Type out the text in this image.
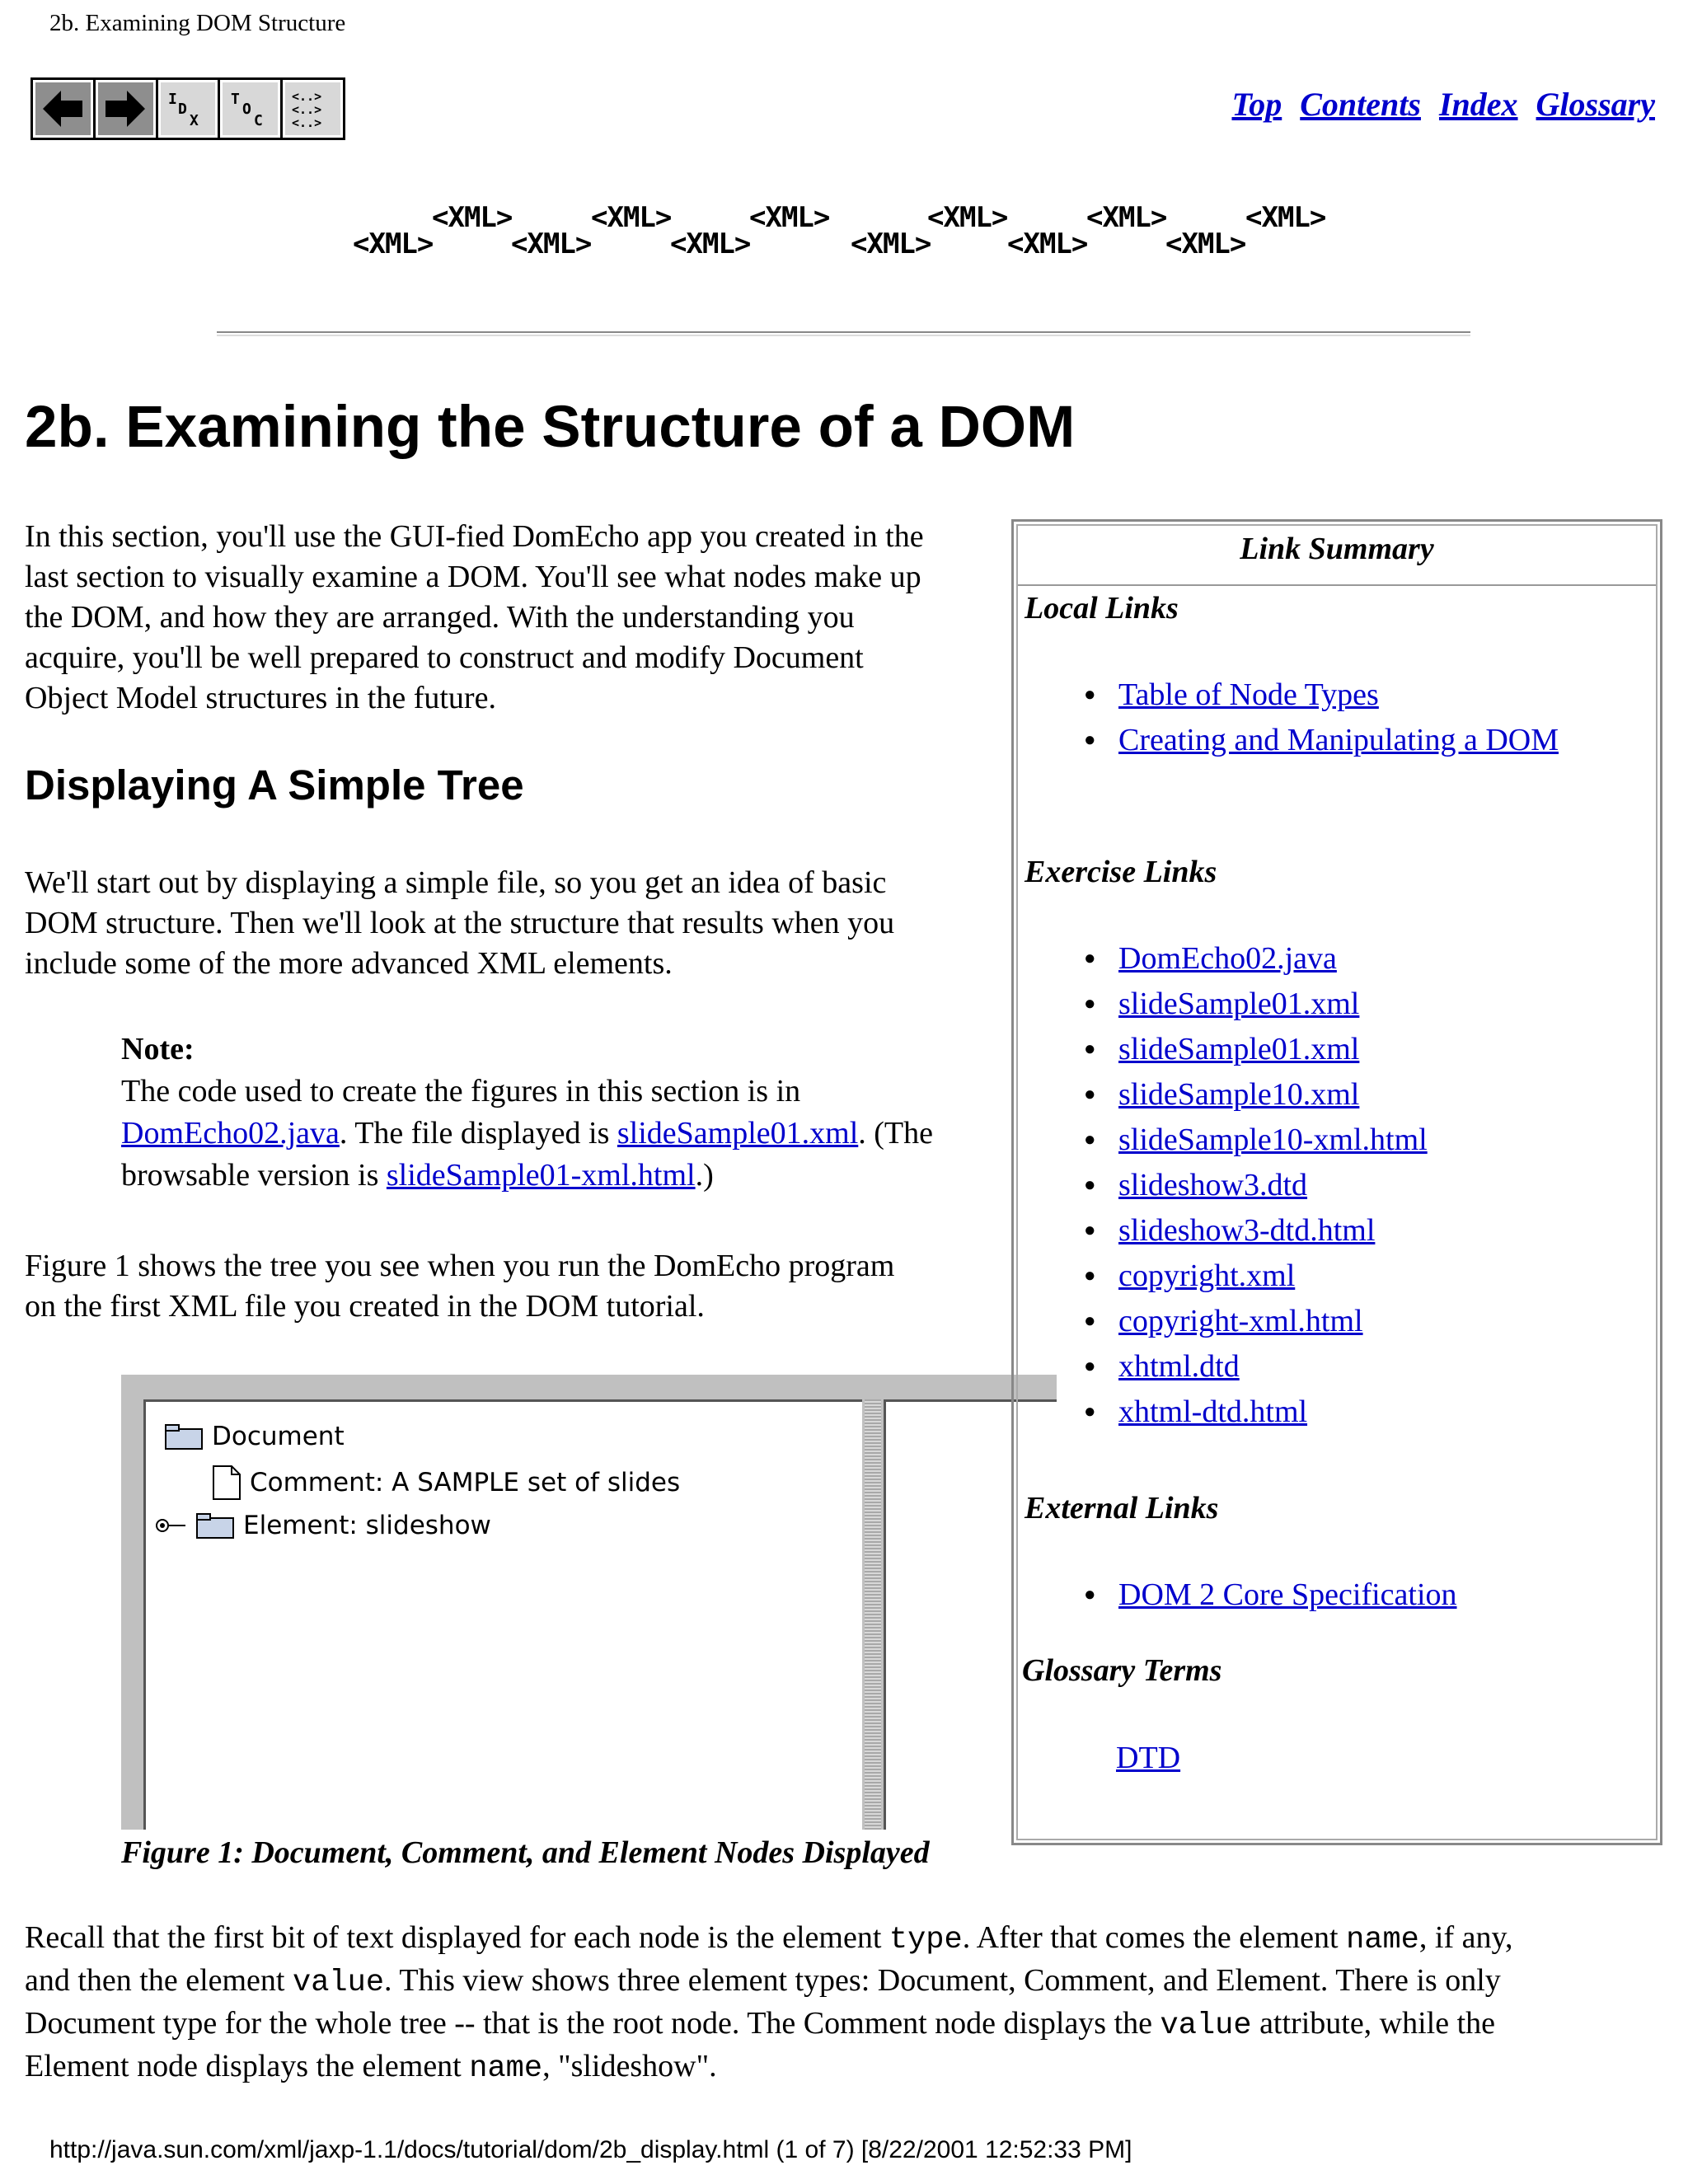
2b. Examining DOM Structure
I
D
X
T
O
C
<..>
<..>
<..>	Top Contents Index Glossary
<XML>
<XML>
<XML>
<XML>
<XML>
<XML>
<XML>
<XML>
<XML>
<XML>
<XML>
<XML>
2b. Examining the Structure of a DOM
In this section, you'll use the GUI-fied DomEcho app you created in the
last section to visually examine a DOM. You'll see what nodes make up
the DOM, and how they are arranged. With the understanding you
acquire, you'll be well prepared to construct and modify Document
Object Model structures in the future.
Displaying A Simple Tree
We'll start out by displaying a simple file, so you get an idea of basic
DOM structure. Then we'll look at the structure that results when you
include some of the more advanced XML elements.
Note:
The code used to create the figures in this section is in
DomEcho02.java. The file displayed is slideSample01.xml. (The
browsable version is slideSample01-xml.html.)
Figure 1 shows the tree you see when you run the DomEcho program
on the first XML file you created in the DOM tutorial.
Document
Comment: A SAMPLE set of slides
Element: slideshow
Figure 1: Document, Comment, and Element Nodes Displayed
Link Summary
Local Links
● Table of Node Types
● Creating and Manipulating a DOM
Exercise Links
● DomEcho02.java
● slideSample01.xml
● slideSample01.xml
● slideSample10.xml
● slideSample10-xml.html
● slideshow3.dtd
● slideshow3-dtd.html
● copyright.xml
● copyright-xml.html
● xhtml.dtd
● xhtml-dtd.html
External Links
● DOM 2 Core Specification
Glossary Terms
DTD
Recall that the first bit of text displayed for each node is the element type. After that comes the element name, if any,
and then the element value. This view shows three element types: Document, Comment, and Element. There is only
Document type for the whole tree -- that is the root node. The Comment node displays the value attribute, while the
Element node displays the element name, "slideshow".
http://java.sun.com/xml/jaxp-1.1/docs/tutorial/dom/2b_display.html (1 of 7) [8/22/2001 12:52:33 PM]
